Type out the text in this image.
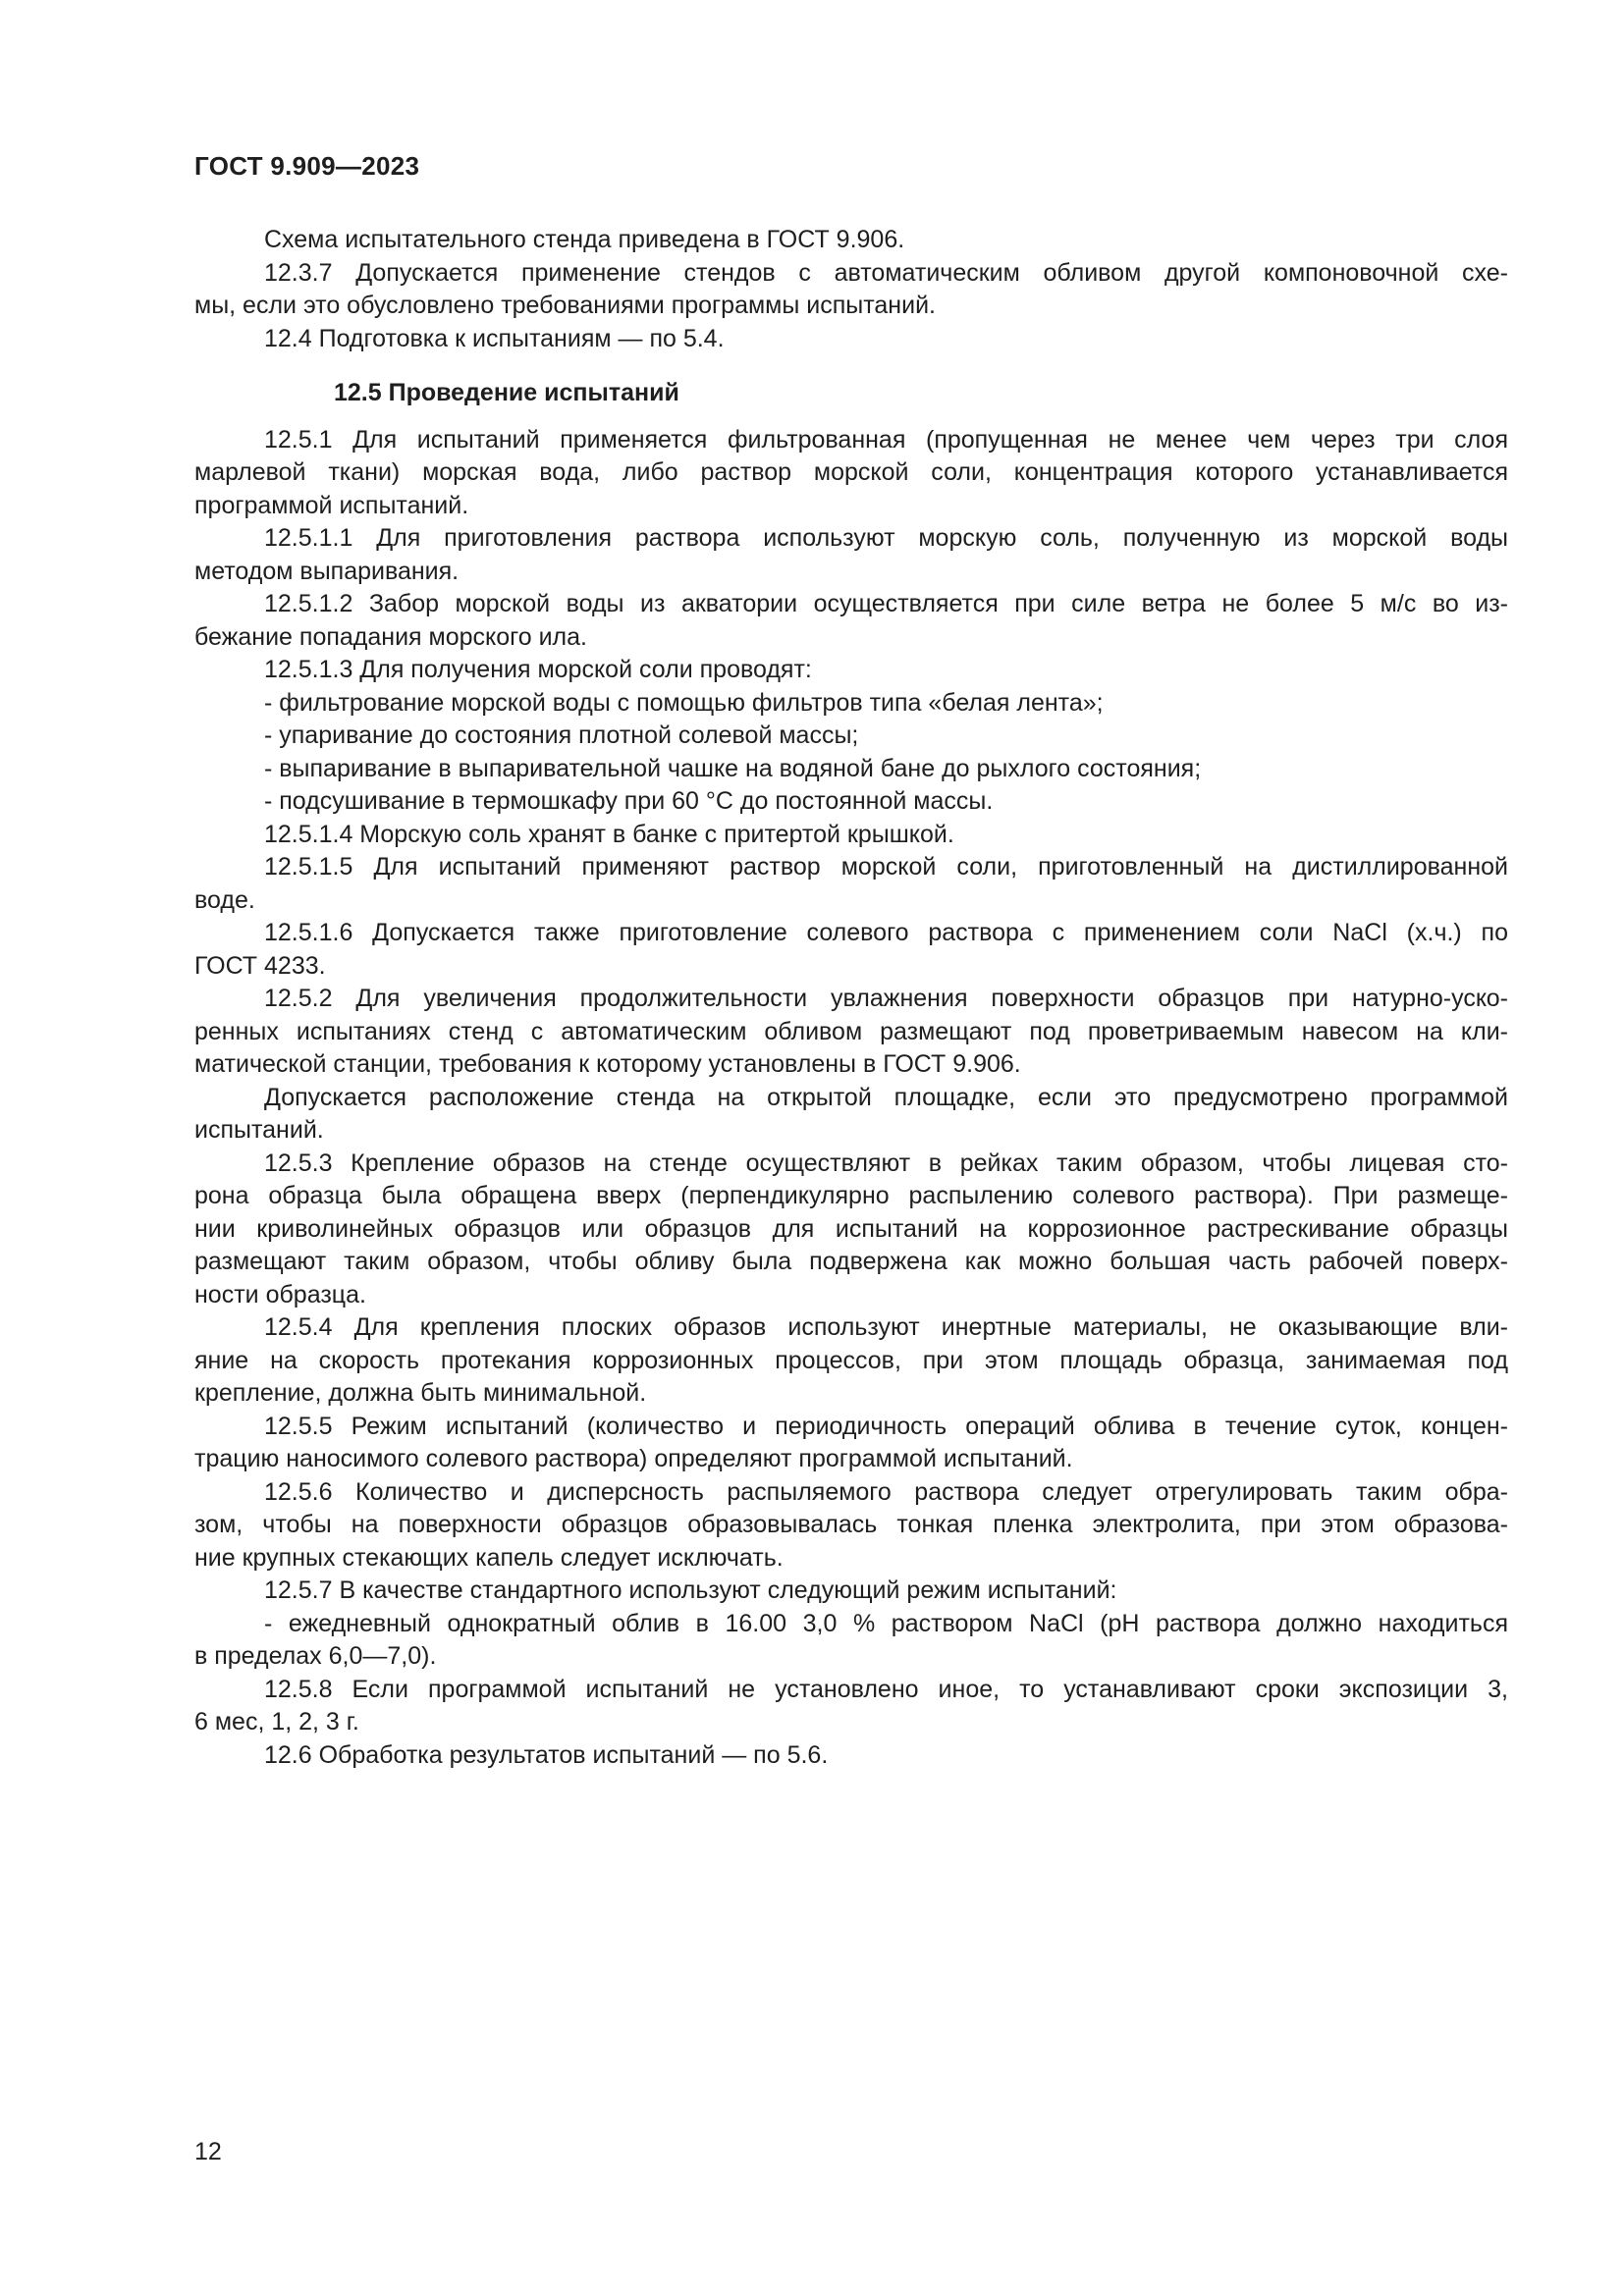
ГОСТ 9.909—2023

Схема испытательного стенда приведена в ГОСТ 9.906.

12.3.7 Допускается применение стендов с автоматическим обливом другой компоновочной схе-
мы, если это обусловлено требованиями программы испытаний.

12.4 Подготовка к испытаниям — по 5.4.

12.5 Проведение испытаний

12.5.1 Для испытаний применяется фильтрованная (пропущенная не менее чем через три слоя
марлевой ткани) морская вода, либо раствор морской соли, концентрация которого устанавливается
программой испытаний.

12.5.1.1 Для приготовления раствора используют морскую соль, полученную из морской воды
методом выпаривания.

12.5.1.2 Забор морской воды из акватории осуществляется при силе ветра не более 5 м/с во из-
бежание попадания морского ила.

12.5.1.3 Для получения морской соли проводят:

- фильтрование морской воды с помощью фильтров типа «белая лента»;

- упаривание до состояния плотной солевой массы;

- выпаривание в выпаривательной чашке на водяной бане до рыхлого состояния;

- подсушивание в термошкафу при 60 °С до постоянной массы.

12.5.1.4 Морскую соль хранят в банке с притертой крышкой.

12.5.1.5 Для испытаний применяют раствор морской соли, приготовленный на дистиллированной
воде.

12.5.1.6 Допускается также приготовление солевого раствора с применением соли NaCl (х.ч.) по
ГОСТ 4233.

12.5.2 Для увеличения продолжительности увлажнения поверхности образцов при натурно-ускo-
ренных испытаниях стенд с автоматическим обливом размещают под проветриваемым навесом на кли-
матической станции, требования к которому установлены в ГОСТ 9.906.

Допускается расположение стенда на открытой площадке, если это предусмотрено программой
испытаний.

12.5.3 Крепление образов на стенде осуществляют в рейках таким образом, чтобы лицевая сто-
рона образца была обращена вверх (перпендикулярно распылению солевого раствора). При размеще-
нии криволинейных образцов или образцов для испытаний на коррозионное растрескивание образцы
размещают таким образом, чтобы обливу была подвержена как можно большая часть рабочей поверх-
ности образца.

12.5.4 Для крепления плоских образов используют инертные материалы, не оказывающие вли-
яние на скорость протекания коррозионных процессов, при этом площадь образца, занимаемая под
крепление, должна быть минимальной.

12.5.5 Режим испытаний (количество и периодичность операций облива в течение суток, концен-
трацию наносимого солевого раствора) определяют программой испытаний.

12.5.6 Количество и дисперсность распыляемого раствора следует отрегулировать таким обра-
зом, чтобы на поверхности образцов образовывалась тонкая пленка электролита, при этом образова-
ние крупных стекающих капель следует исключать.

12.5.7 В качестве стандартного используют следующий режим испытаний:

- ежедневный однократный облив в 16.00 3,0 % раствором NaCl (pH раствора должно находиться
в пределах 6,0—7,0).

12.5.8 Если программой испытаний не установлено иное, то устанавливают сроки экспозиции 3,
6 мес, 1, 2, 3 г.

12.6 Обработка результатов испытаний — по 5.6.

12
